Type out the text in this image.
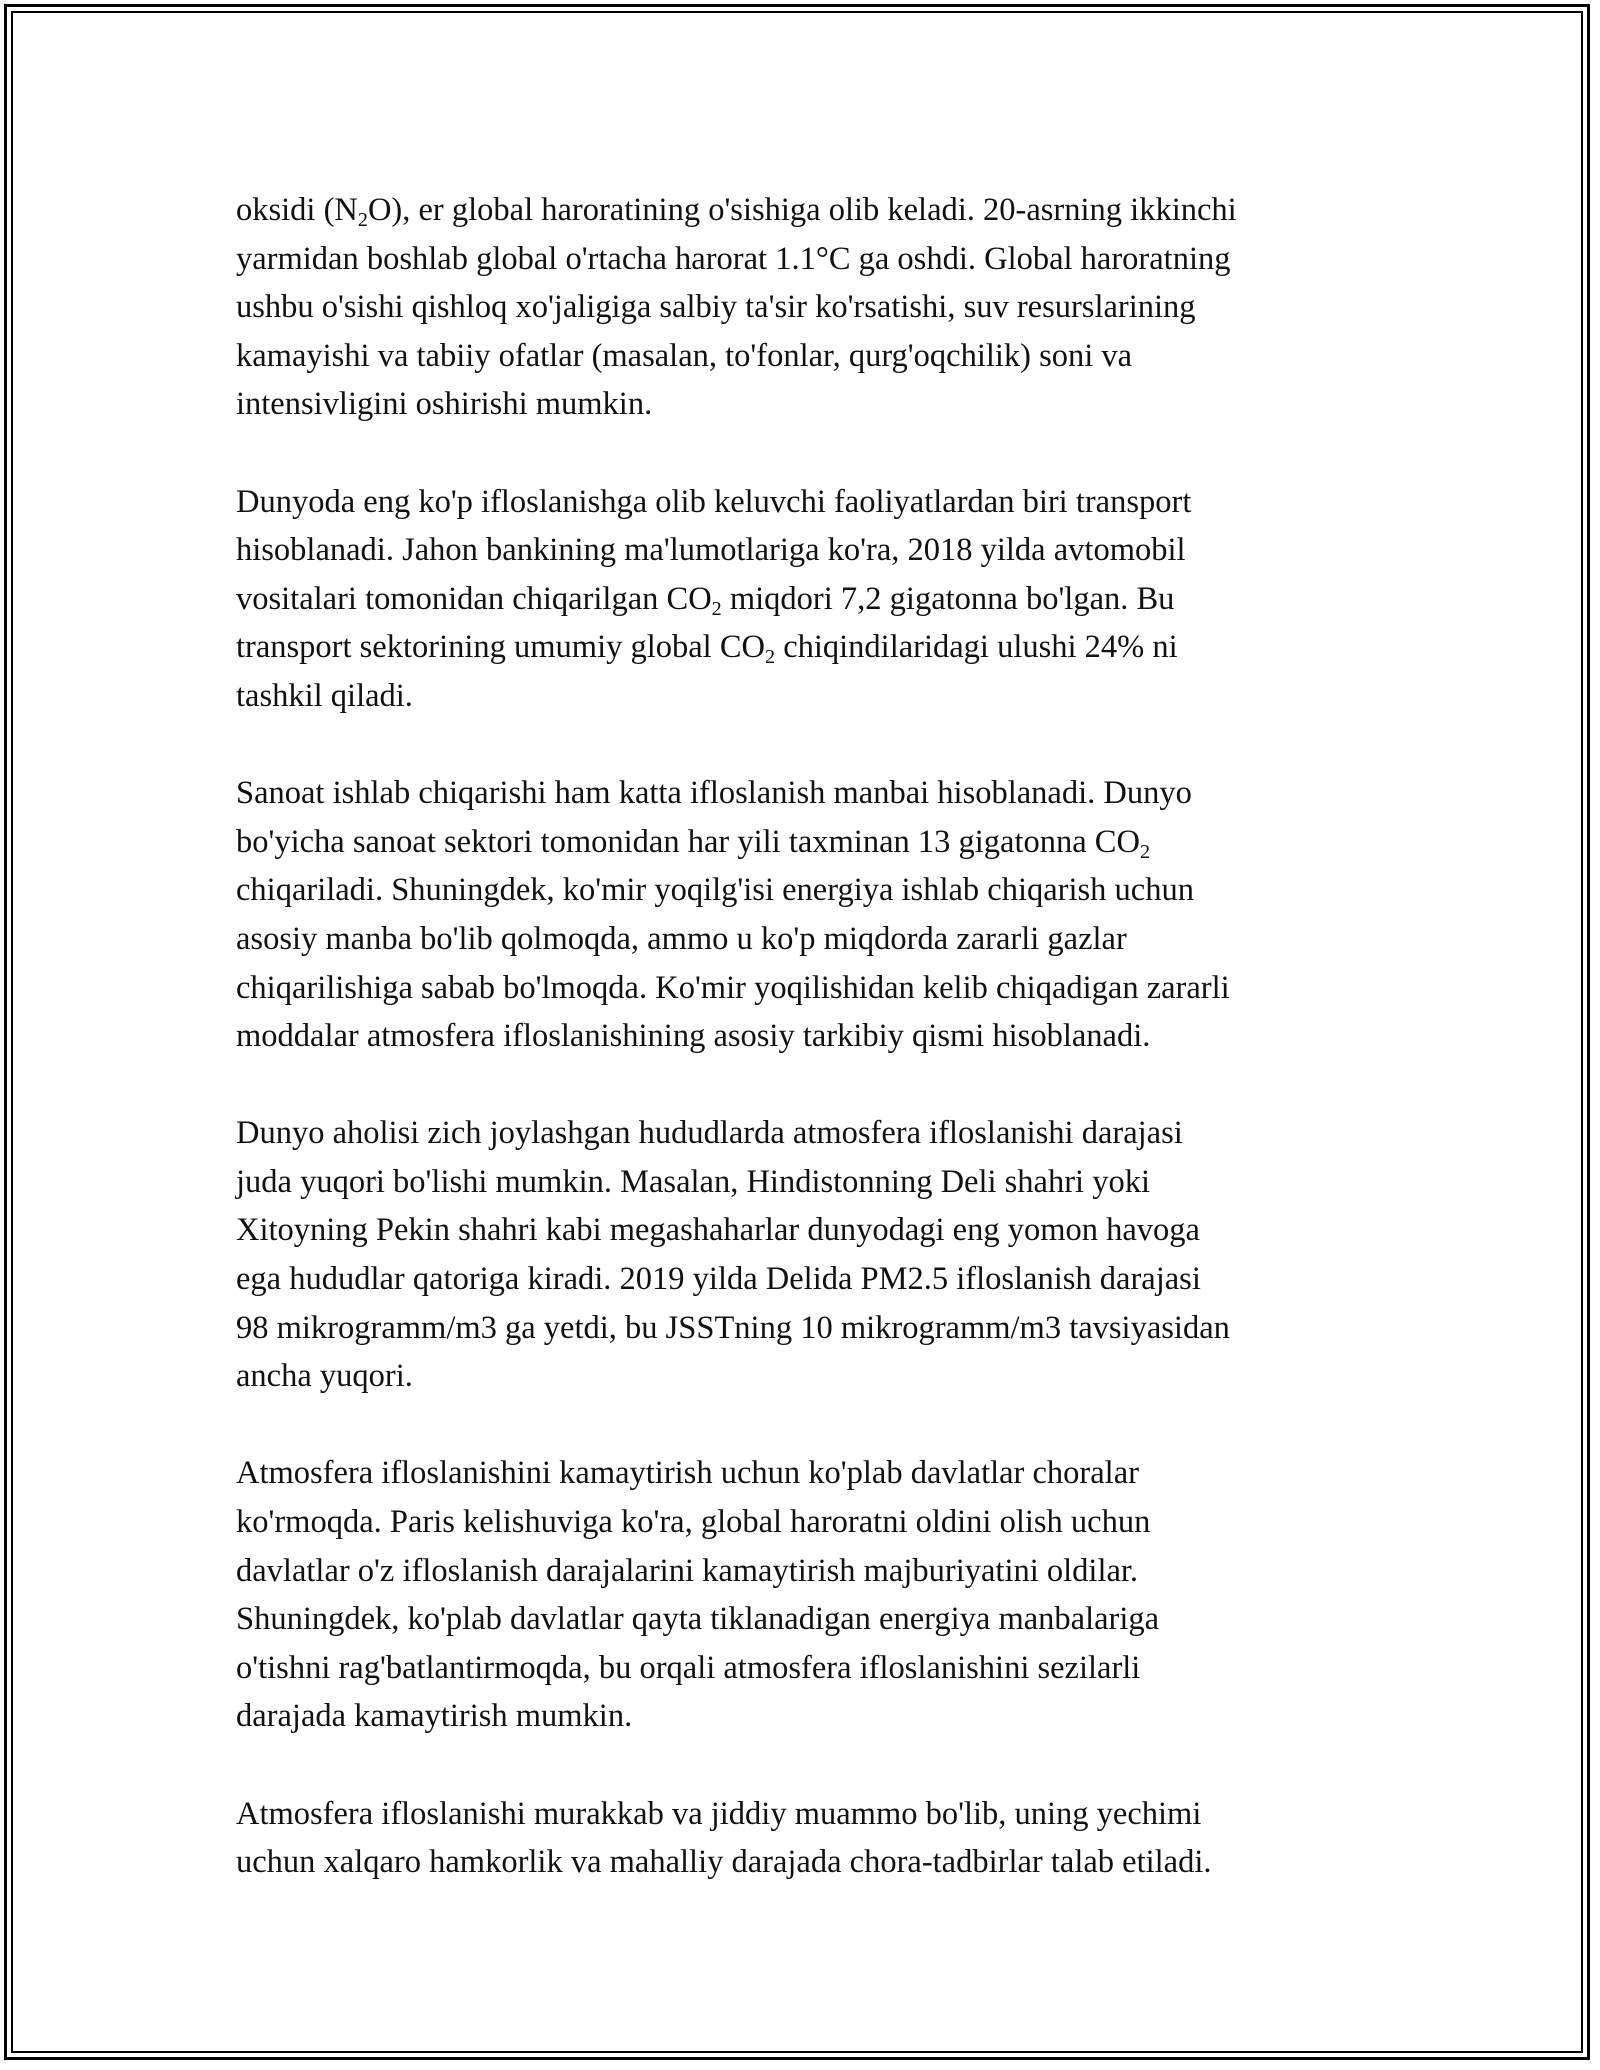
oksidi $(N_2O)$, er global haroratining o'sishiga olib keladi. 20-asrning ikkinchi
yarmidan boshlab global o'rtacha harorat 1.1°C ga oshdi. Global haroratning
ushbu o'sishi qishloq xo'jaligiga salbiy ta'sir ko'rsatishi, suv resurslarining
kamayishi va tabiiy ofatlar (masalan, to'fonlar, qurg'oqchilik) soni va
intensivligini oshirishi mumkin.

Dunyoda eng ko'p ifloslanishga olib keluvchi faoliyatlardan biri transport
hisoblanadi. Jahon bankining ma'lumotlariga ko'ra, 2018 yilda avtomobil
vositalari tomonidan chiqarilgan $CO_2$ miqdori 7,2 gigatonna bo'lgan. Bu
transport sektorining umumiy global $CO_2$ chiqindilaridagi ulushi 24% ni
tashkil qiladi.

Sanoat ishlab chiqarishi ham katta ifloslanish manbai hisoblanadi. Dunyo
bo'yicha sanoat sektori tomonidan har yili taxminan 13 gigatonna $CO_2$
chiqariladi. Shuningdek, ko'mir yoqilg'isi energiya ishlab chiqarish uchun
asosiy manba bo'lib qolmoqda, ammo u ko'p miqdorda zararli gazlar
chiqarilishiga sabab bo'lmoqda. Ko'mir yoqilishidan kelib chiqadigan zararli
moddalar atmosfera ifloslanishining asosiy tarkibiy qismi hisoblanadi.

Dunyo aholisi zich joylashgan hududlarda atmosfera ifloslanishi darajasi
juda yuqori bo'lishi mumkin. Masalan, Hindistonning Deli shahri yoki
Xitoyning Pekin shahri kabi megashaharlar dunyodagi eng yomon havoga
ega hududlar qatoriga kiradi. 2019 yilda Delida PM2.5 ifloslanish darajasi
98 mikrogramm/m3 ga yetdi, bu JSSTning 10 mikrogramm/m3 tavsiyasidan
ancha yuqori.

Atmosfera ifloslanishini kamaytirish uchun ko'plab davlatlar choralar
ko'rmoqda. Paris kelishuviga ko'ra, global haroratni oldini olish uchun
davlatlar o'z ifloslanish darajalarini kamaytirish majburiyatini oldilar.
Shuningdek, ko'plab davlatlar qayta tiklanadigan energiya manbalariga
o'tishni rag'batlantirmoqda, bu orqali atmosfera ifloslanishini sezilarli
darajada kamaytirish mumkin.

Atmosfera ifloslanishi murakkab va jiddiy muammo bo'lib, uning yechimi
uchun xalqaro hamkorlik va mahalliy darajada chora-tadbirlar talab etiladi.
